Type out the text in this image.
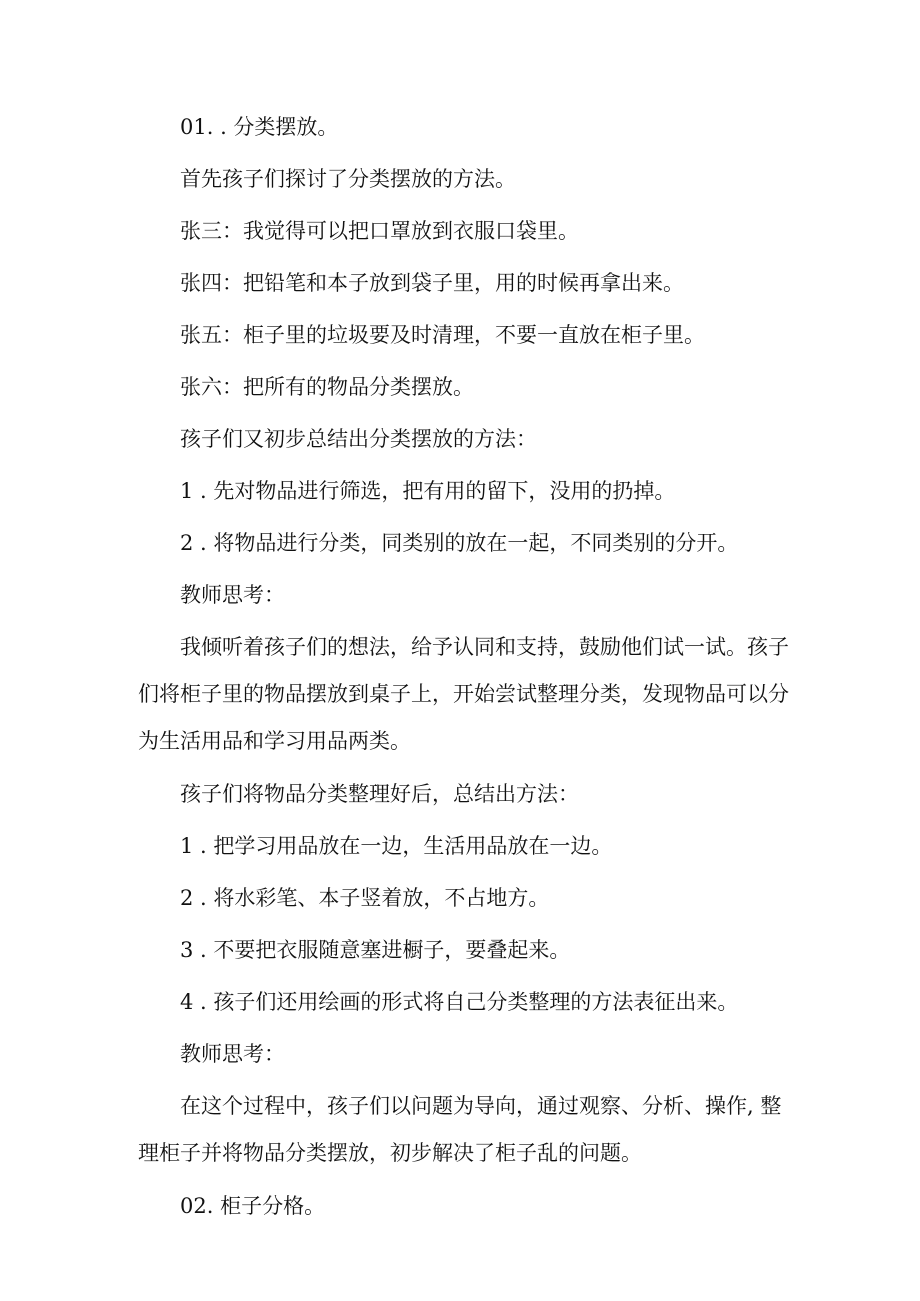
01. . 分类摆放。

首先孩子们探讨了分类摆放的方法。

张三：我觉得可以把口罩放到衣服口袋里。

张四：把铅笔和本子放到袋子里，用的时候再拿出来。

张五：柜子里的垃圾要及时清理，不要一直放在柜子里。

张六：把所有的物品分类摆放。

孩子们又初步总结出分类摆放的方法：

1 . 先对物品进行筛选，把有用的留下，没用的扔掉。

2 . 将物品进行分类，同类别的放在一起，不同类别的分开。

教师思考：

我倾听着孩子们的想法，给予认同和支持，鼓励他们试一试。孩子们将柜子里的物品摆放到桌子上，开始尝试整理分类，发现物品可以分为生活用品和学习用品两类。

孩子们将物品分类整理好后，总结出方法：

1 . 把学习用品放在一边，生活用品放在一边。

2 . 将水彩笔、本子竖着放，不占地方。

3 . 不要把衣服随意塞进橱子，要叠起来。

4 . 孩子们还用绘画的形式将自己分类整理的方法表征出来。

教师思考：

在这个过程中，孩子们以问题为导向，通过观察、分析、操作, 整理柜子并将物品分类摆放，初步解决了柜子乱的问题。

02. 柜子分格。
